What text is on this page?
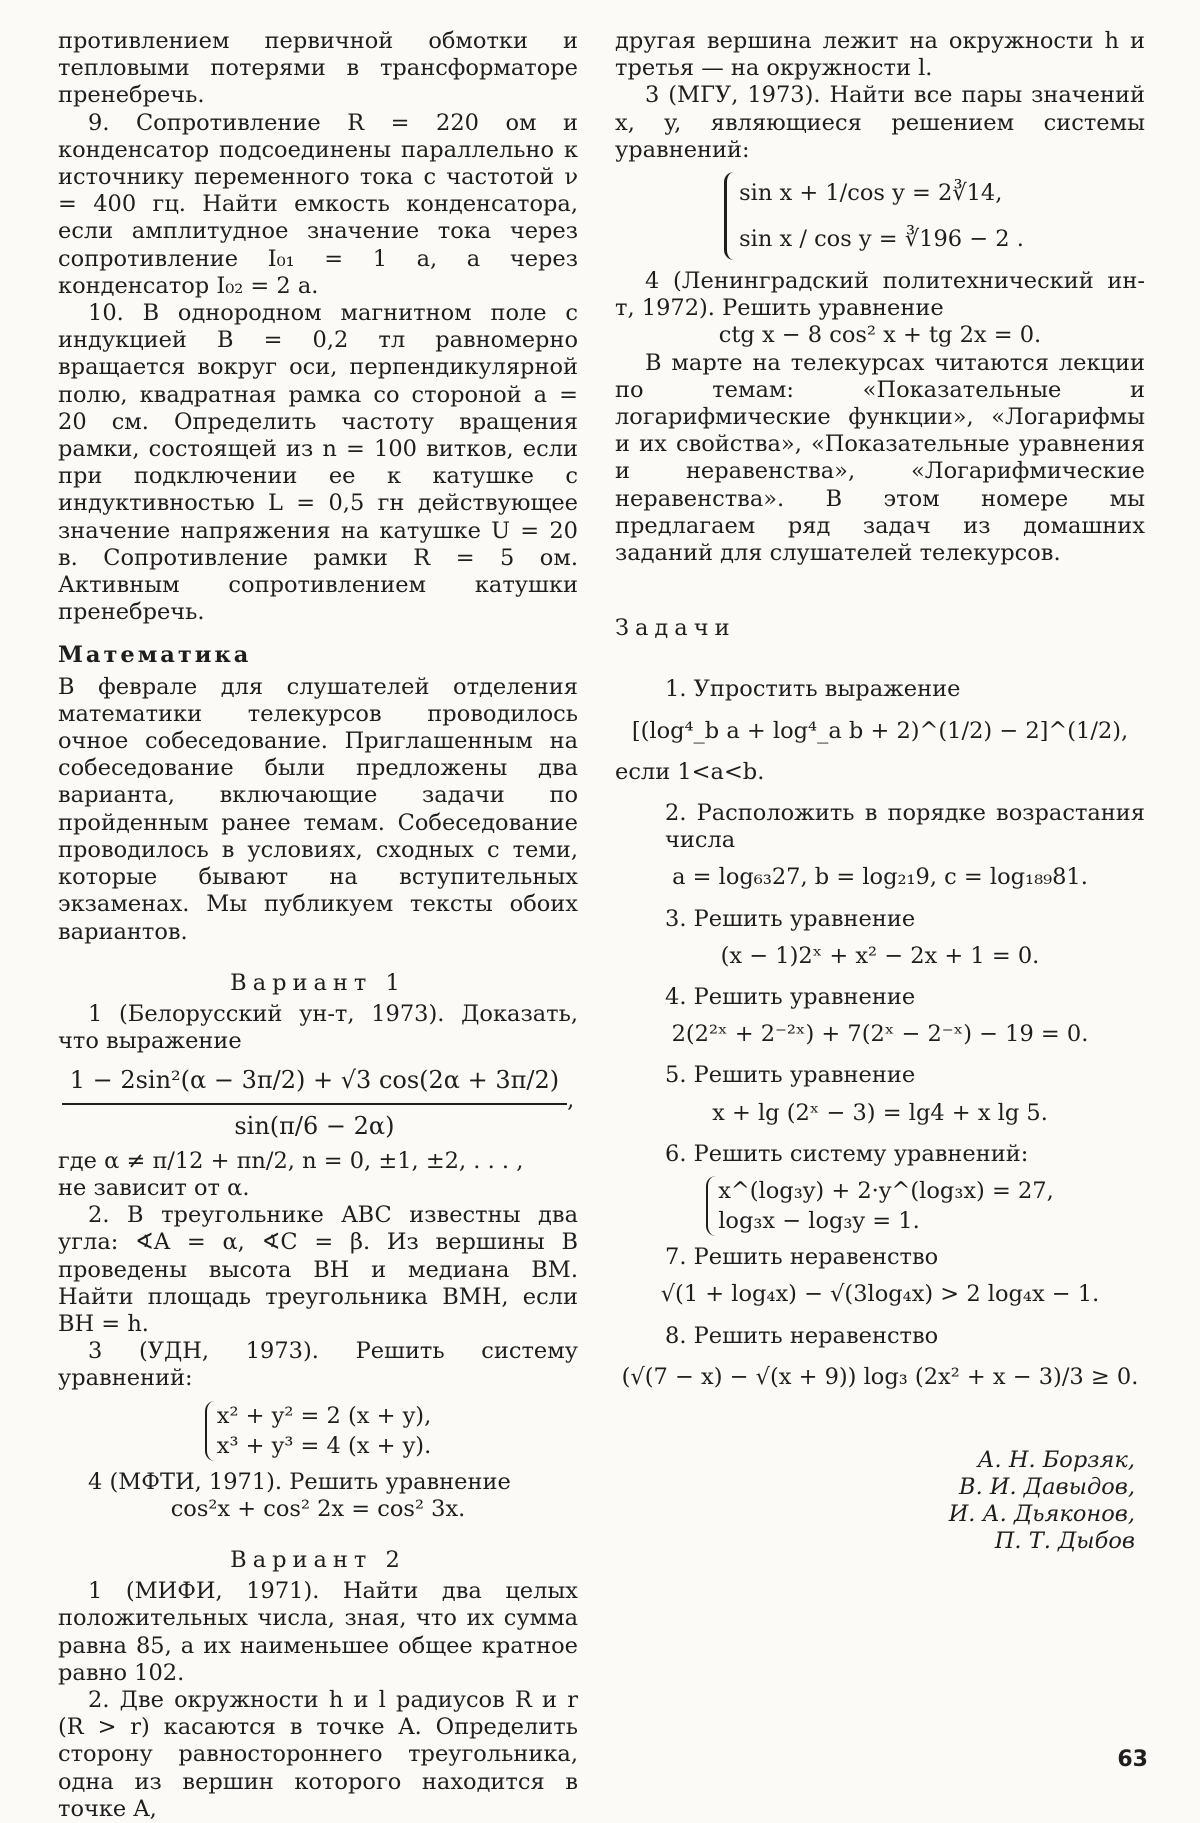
противлением первичной обмотки и тепловыми потерями в трансформаторе пренебречь.

9. Сопротивление R = 220 ом и конденсатор подсоединены параллельно к источнику переменного тока с частотой ν = 400 гц. Найти емкость конденсатора, если амплитудное значение тока через сопротивление I₀₁ = 1 а, а через конденсатор I₀₂ = 2 а.

10. В однородном магнитном поле с индукцией B = 0,2 тл равномерно вращается вокруг оси, перпендикулярной полю, квадратная рамка со стороной a = 20 см. Определить частоту вращения рамки, состоящей из n = 100 витков, если при подключении ее к катушке с индуктивностью L = 0,5 гн действующее значение напряжения на катушке U = 20 в. Сопротивление рамки R = 5 ом. Активным сопротивлением катушки пренебречь.

Математика

В феврале для слушателей отделения математики телекурсов проводилось очное собеседование. Приглашенным на собеседование были предложены два варианта, включающие задачи по пройденным ранее темам. Собеседование проводилось в условиях, сходных с теми, которые бывают на вступительных экзаменах. Мы публикуем тексты обоих вариантов.

Вариант 1

1 (Белорусский ун-т, 1973). Доказать, что выражение

$\frac{\text{1 − 2sin²(α − 3π/2) + √3 cos(2α + 3π/2)}}{\sin(\pi/6 - 2\alpha)}$ ,

где α ≠ π/12 + πn/2, n = 0, ±1, ±2, . . . ,

не зависит от α.

2. В треугольнике ABC известны два угла: ∢A = α, ∢C = β. Из вершины B проведены высота BH и медиана BM. Найти площадь треугольника BMH, если BH = h.

3 (УДН, 1973). Решить систему уравнений:

x² + y² = 2 (x + y),
x³ + y³ = 4 (x + y).

4 (МФТИ, 1971). Решить уравнение

cos²x + cos² 2x = cos² 3x.

Вариант 2

1 (МИФИ, 1971). Найти два целых положительных числа, зная, что их сумма равна 85, а их наименьшее общее кратное равно 102.

2. Две окружности h и l радиусов R и r (R > r) касаются в точке A. Определить сторону равностороннего треугольника, одна из вершин которого находится в точке A,

другая вершина лежит на окружности h и третья — на окружности l.

3 (МГУ, 1973). Найти все пары значений x, y, являющиеся решением системы уравнений:

sin x + 1/cos y = 2∛14,
sin x / cos y = ∛196 − 2 .

4 (Ленинградский политехнический ин-т, 1972). Решить уравнение

ctg x − 8 cos² x + tg 2x = 0.

В марте на телекурсах читаются лекции по темам: «Показательные и логарифмические функции», «Логарифмы и их свойства», «Показательные уравнения и неравенства», «Логарифмические неравенства». В этом номере мы предлагаем ряд задач из домашних заданий для слушателей телекурсов.

Задачи

1. Упростить выражение

[(log⁴_b a + log⁴_a b + 2)^(1/2) − 2]^(1/2),

если 1<a<b.

2. Расположить в порядке возрастания числа

a = log₆₃27, b = log₂₁9, c = log₁₈₉81.

3. Решить уравнение

(x − 1)2ˣ + x² − 2x + 1 = 0.

4. Решить уравнение

2(2²ˣ + 2⁻²ˣ) + 7(2ˣ − 2⁻ˣ) − 19 = 0.

5. Решить уравнение

x + lg (2ˣ − 3) = lg4 + x lg 5.

6. Решить систему уравнений:

x^(log₃y) + 2·y^(log₃x) = 27,
log₃x − log₃y = 1.

7. Решить неравенство

√(1 + log₄x) − √(3log₄x) > 2 log₄x − 1.

8. Решить неравенство

(√(7 − x) − √(x + 9)) log₃ (2x² + x − 3)/3 ≥ 0.

А. Н. Борзяк,
В. И. Давыдов,
И. А. Дьяконов,
П. Т. Дыбов
63
